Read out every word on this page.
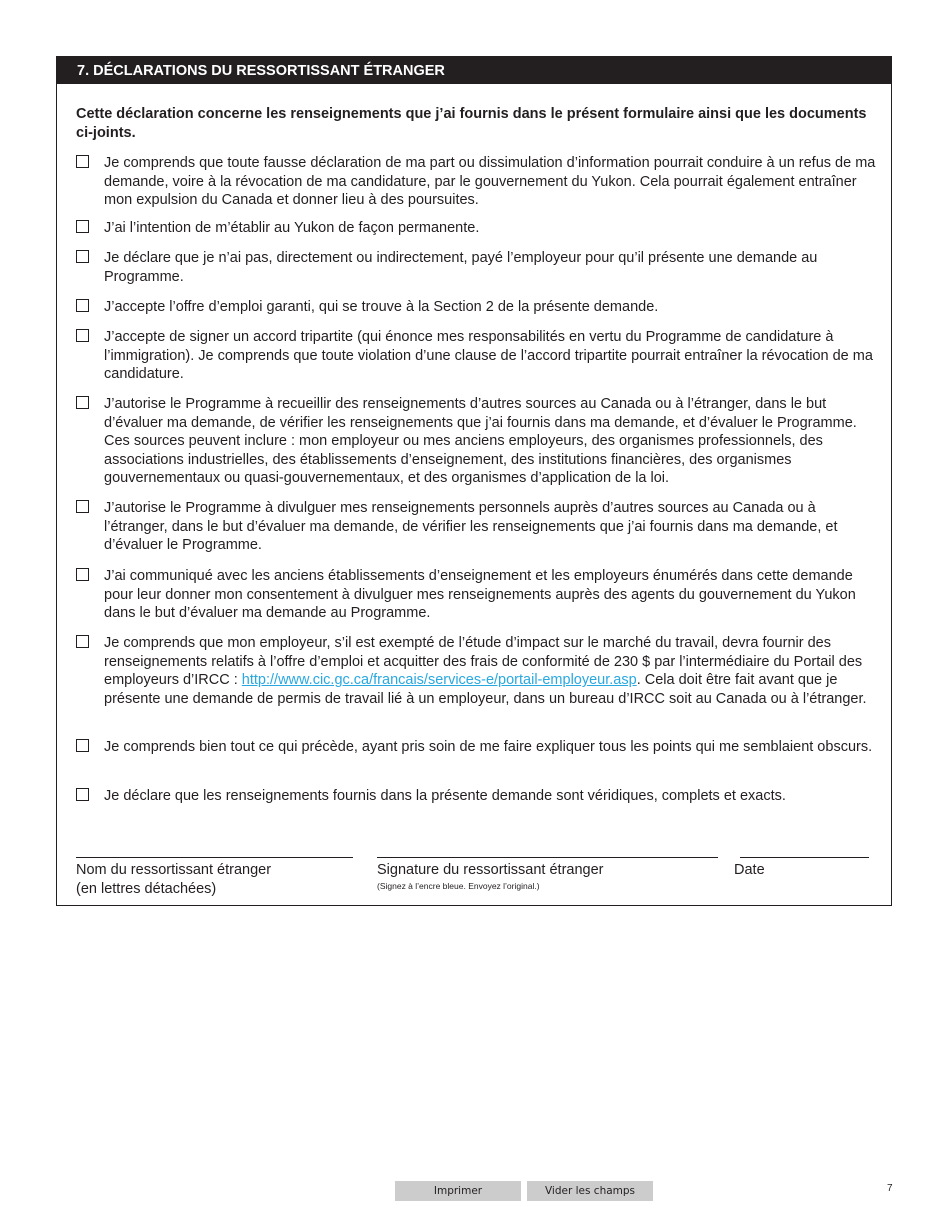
7. DÉCLARATIONS DU RESSORTISSANT ÉTRANGER
Cette déclaration concerne les renseignements que j’ai fournis dans le présent formulaire ainsi que les documents ci-joints.
Je comprends que toute fausse déclaration de ma part ou dissimulation d’information pourrait conduire à un refus de ma demande, voire à la révocation de ma candidature, par le gouvernement du Yukon. Cela pourrait également entraîner mon expulsion du Canada et donner lieu à des poursuites.
J’ai l’intention de m’établir au Yukon de façon permanente.
Je déclare que je n’ai pas, directement ou indirectement, payé l’employeur pour qu’il présente une demande au Programme.
J’accepte l’offre d’emploi garanti, qui se trouve à la Section 2 de la présente demande.
J’accepte de signer un accord tripartite (qui énonce mes responsabilités en vertu du Programme de candidature à l’immigration). Je comprends que toute violation d’une clause de l’accord tripartite pourrait entraîner la révocation de ma candidature.
J’autorise le Programme à recueillir des renseignements d’autres sources au Canada ou à l’étranger, dans le but d’évaluer ma demande, de vérifier les renseignements que j’ai fournis dans ma demande, et d’évaluer le Programme. Ces sources peuvent inclure : mon employeur ou mes anciens employeurs, des organismes professionnels, des associations industrielles, des établissements d’enseignement, des institutions financières, des organismes gouvernementaux ou quasi-gouvernementaux, et des organismes d’application de la loi.
J’autorise le Programme à divulguer mes renseignements personnels auprès d’autres sources au Canada ou à l’étranger, dans le but d’évaluer ma demande, de vérifier les renseignements que j’ai fournis dans ma demande, et d’évaluer le Programme.
J’ai communiqué avec les anciens établissements d’enseignement et les employeurs énumérés dans cette demande pour leur donner mon consentement à divulguer mes renseignements auprès des agents du gouvernement du Yukon dans le but d’évaluer ma demande au Programme.
Je comprends que mon employeur, s’il est exempté de l’étude d’impact sur le marché du travail, devra fournir des renseignements relatifs à l’offre d’emploi et acquitter des frais de conformité de 230 $ par l’intermédiaire du Portail des employeurs d’IRCC : http://www.cic.gc.ca/francais/services-e/portail-employeur.asp. Cela doit être fait avant que je présente une demande de permis de travail lié à un employeur, dans un bureau d’IRCC soit au Canada ou à l’étranger.
Je comprends bien tout ce qui précède, ayant pris soin de me faire expliquer tous les points qui me semblaient obscurs.
Je déclare que les renseignements fournis dans la présente demande sont véridiques, complets et exacts.
Nom du ressortissant étranger
(en lettres détachées)
Signature du ressortissant étranger
(Signez à l’encre bleue. Envoyez l’original.)
Date
Imprimer	Vider les champs	7
